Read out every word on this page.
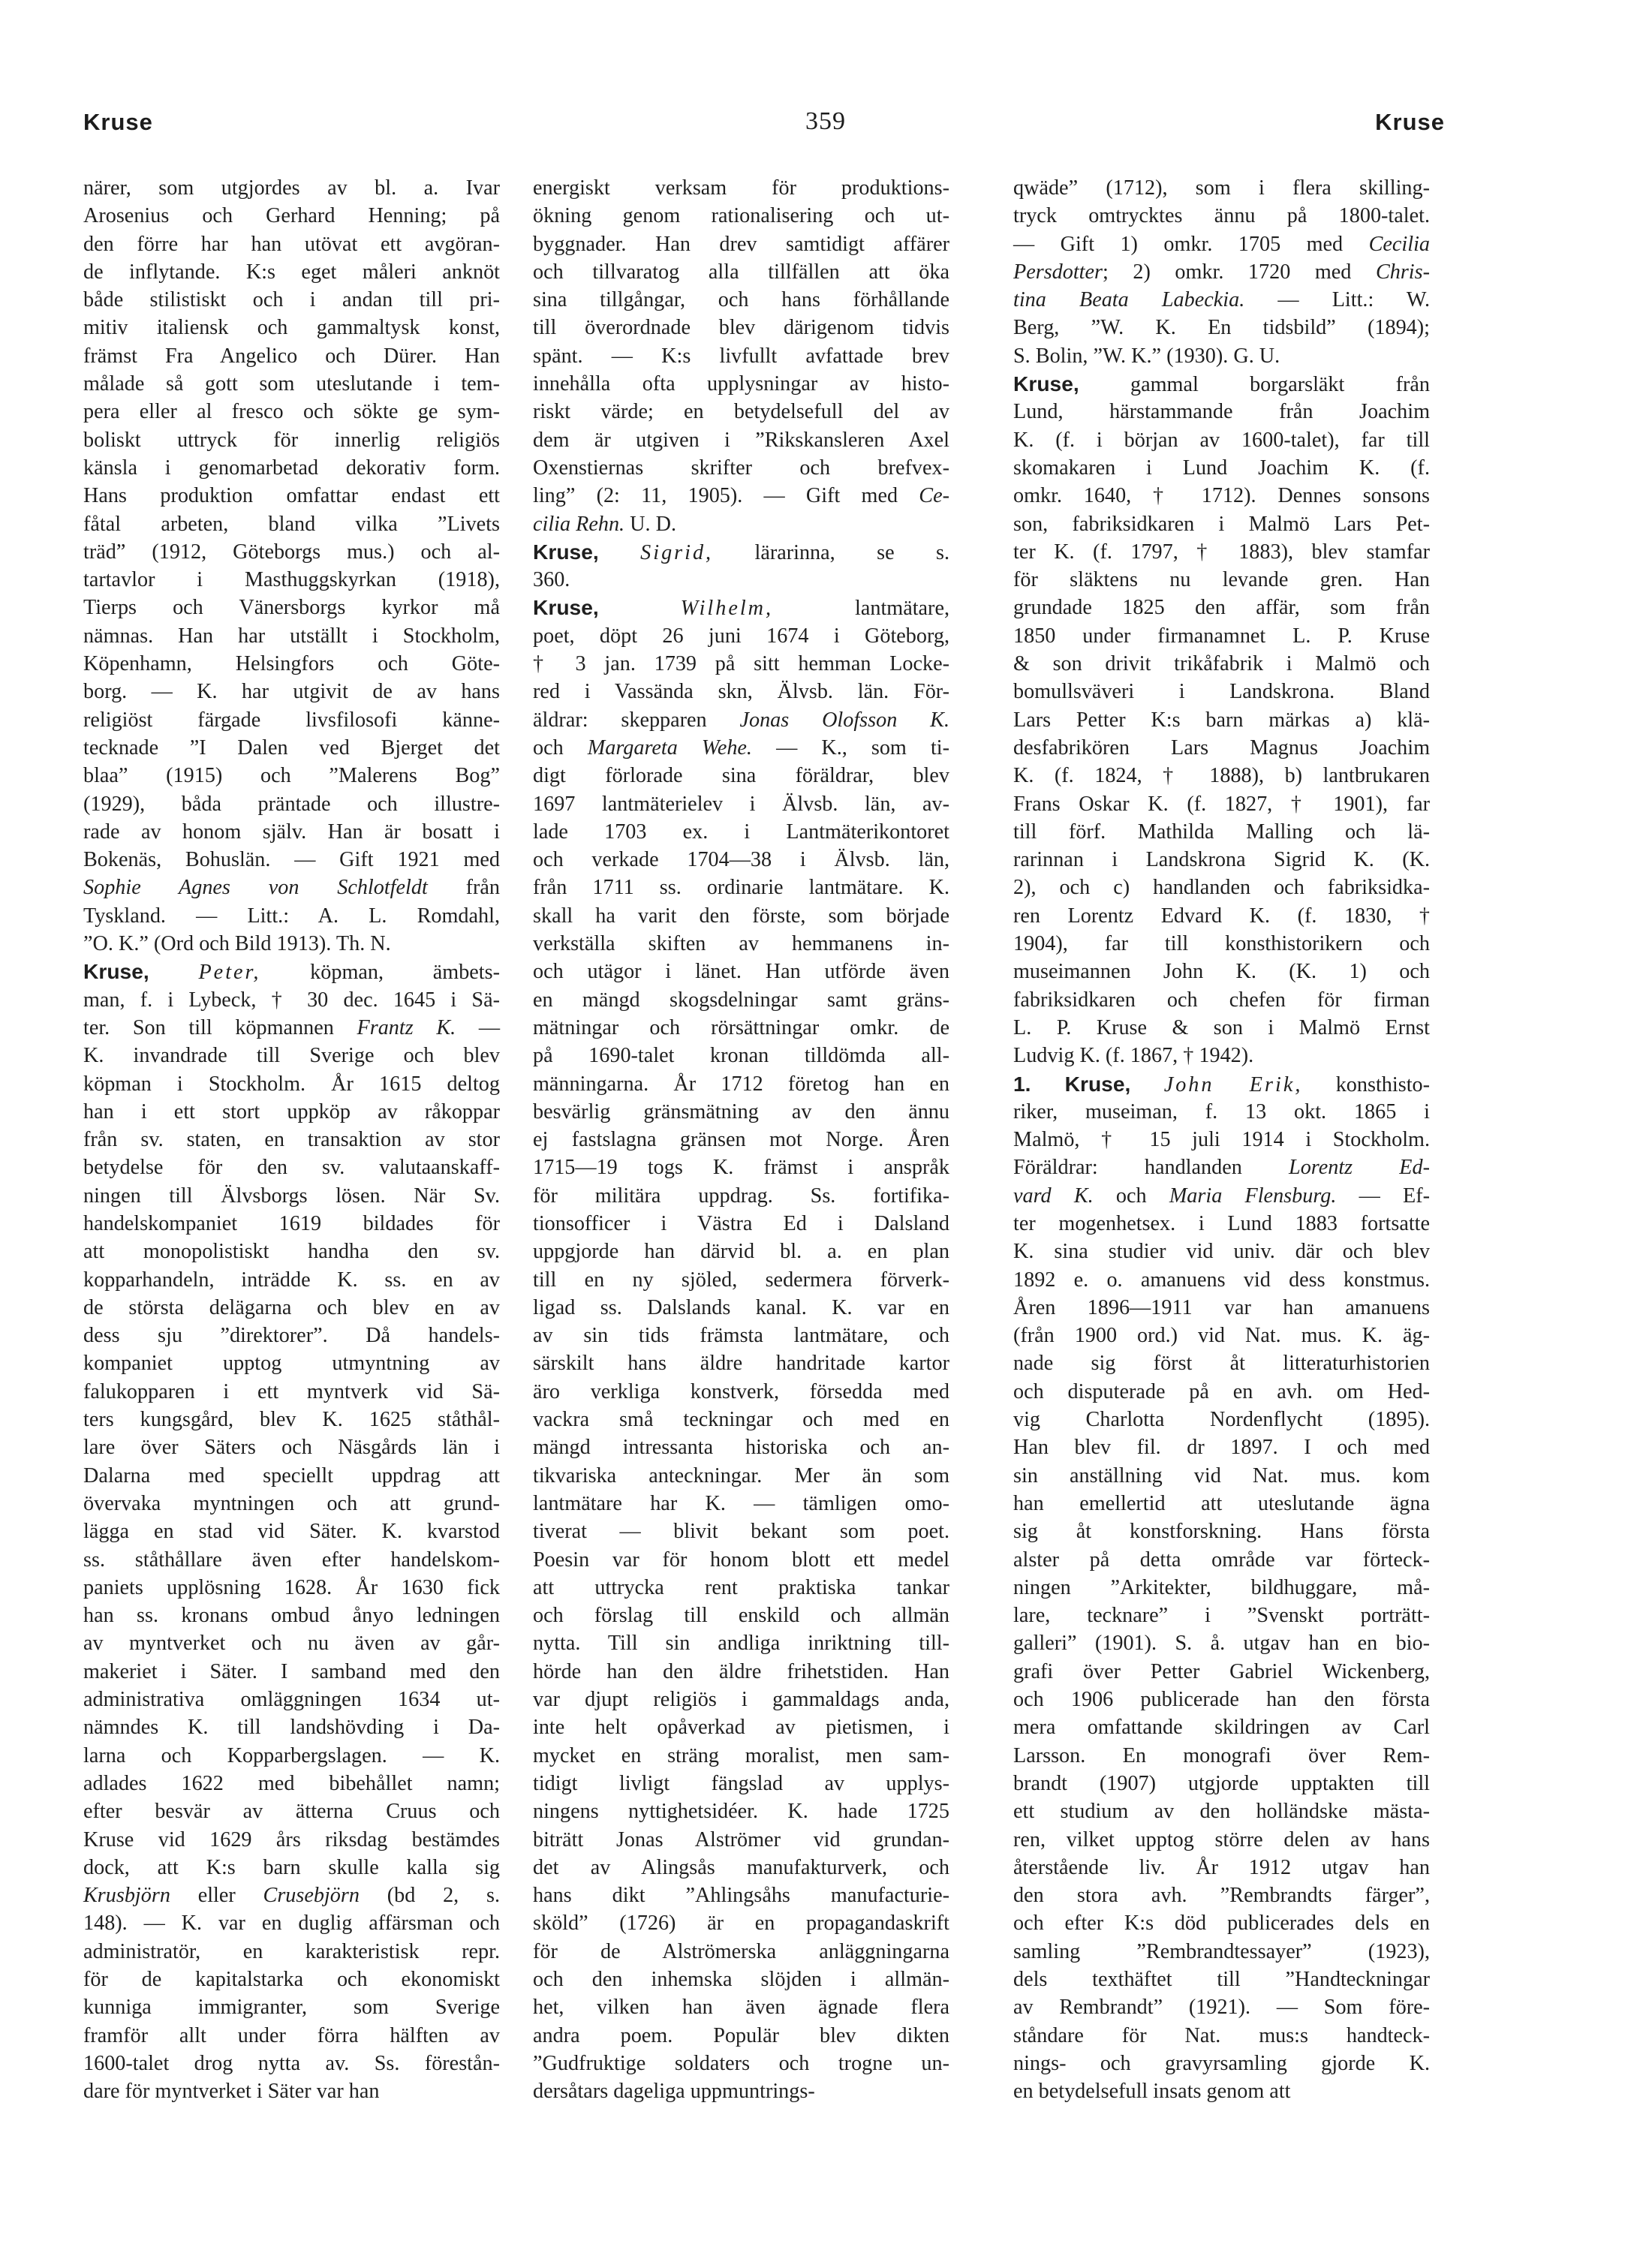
Kruse	359	Kruse
närer, som utgjordes av bl. a. Ivar
Arosenius och Gerhard Henning; på
den förre har han utövat ett avgöran-
de inflytande. K:s eget måleri anknöt
både stilistiskt och i andan till pri-
mitiv italiensk och gammaltysk konst,
främst Fra Angelico och Dürer. Han
målade så gott som uteslutande i tem-
pera eller al fresco och sökte ge sym-
boliskt uttryck för innerlig religiös
känsla i genomarbetad dekorativ form.
Hans produktion omfattar endast ett
fåtal arbeten, bland vilka ”Livets
träd” (1912, Göteborgs mus.) och al-
tartavlor i Masthuggskyrkan (1918),
Tierps och Vänersborgs kyrkor må
nämnas. Han har utställt i Stockholm,
Köpenhamn, Helsingfors och Göte-
borg. — K. har utgivit de av hans
religiöst färgade livsfilosofi känne-
tecknade ”I Dalen ved Bjerget det
blaa” (1915) och ”Malerens Bog”
(1929), båda präntade och illustre-
rade av honom själv. Han är bosatt i
Bokenäs, Bohuslän. — Gift 1921 med
Sophie Agnes von Schlotfeldt från
Tyskland. — Litt.: A. L. Romdahl,
”O. K.” (Ord och Bild 1913). Th. N.
Kruse, Peter, köpman, ämbets-
man, f. i Lybeck, † 30 dec. 1645 i Sä-
ter. Son till köpmannen Frantz K. —
K. invandrade till Sverige och blev
köpman i Stockholm. År 1615 deltog
han i ett stort uppköp av råkoppar
från sv. staten, en transaktion av stor
betydelse för den sv. valutaanskaff-
ningen till Älvsborgs lösen. När Sv.
handelskompaniet 1619 bildades för
att monopolistiskt handha den sv.
kopparhandeln, inträdde K. ss. en av
de största delägarna och blev en av
dess sju ”direktorer”. Då handels-
kompaniet upptog utmyntning av
falukopparen i ett myntverk vid Sä-
ters kungsgård, blev K. 1625 ståthål-
lare över Säters och Näsgårds län i
Dalarna med speciellt uppdrag att
övervaka myntningen och att grund-
lägga en stad vid Säter. K. kvarstod
ss. ståthållare även efter handelskom-
paniets upplösning 1628. År 1630 fick
han ss. kronans ombud ånyo ledningen
av myntverket och nu även av går-
makeriet i Säter. I samband med den
administrativa omläggningen 1634 ut-
nämndes K. till landshövding i Da-
larna och Kopparbergslagen. — K.
adlades 1622 med bibehållet namn;
efter besvär av ätterna Cruus och
Kruse vid 1629 års riksdag bestämdes
dock, att K:s barn skulle kalla sig
Krusbjörn eller Crusebjörn (bd 2, s.
148). — K. var en duglig affärsman och
administratör, en karakteristisk repr.
för de kapitalstarka och ekonomiskt
kunniga immigranter, som Sverige
framför allt under förra hälften av
1600-talet drog nytta av. Ss. förestån-
dare för myntverket i Säter var han
energiskt verksam för produktions-
ökning genom rationalisering och ut-
byggnader. Han drev samtidigt affärer
och tillvaratog alla tillfällen att öka
sina tillgångar, och hans förhållande
till överordnade blev därigenom tidvis
spänt. — K:s livfullt avfattade brev
innehålla ofta upplysningar av histo-
riskt värde; en betydelsefull del av
dem är utgiven i ”Rikskansleren Axel
Oxenstiernas skrifter och brefvex-
ling” (2: 11, 1905). — Gift med Ce-
cilia Rehn. U. D.
Kruse, Sigrid, lärarinna, se s.
360.
Kruse,	Wilhelm, lantmätare,
poet, döpt 26 juni 1674 i Göteborg,
† 3 jan. 1739 på sitt hemman Locke-
red i Vassända skn, Älvsb. län. För-
äldrar: skepparen Jonas Olofsson K.
och Margareta Wehe. — K., som ti-
digt förlorade sina föräldrar, blev
1697 lantmäterielev i Älvsb. län, av-
lade 1703 ex. i Lantmäterikontoret
och verkade 1704—38 i Älvsb. län,
från 1711 ss. ordinarie lantmätare. K.
skall ha varit den förste, som började
verkställa skiften av hemmanens in-
och utägor i länet. Han utförde även
en mängd skogsdelningar samt gräns-
mätningar och rörsättningar omkr. de
på 1690-talet kronan tilldömda all-
männingarna. År 1712 företog han en
besvärlig gränsmätning av den ännu
ej fastslagna gränsen mot Norge. Åren
1715—19 togs K. främst i anspråk
för militära uppdrag. Ss. fortifika-
tionsofficer i Västra Ed i Dalsland
uppgjorde han därvid bl. a. en plan
till en ny sjöled, sedermera förverk-
ligad ss. Dalslands kanal. K. var en
av sin tids främsta lantmätare, och
särskilt hans äldre handritade kartor
äro verkliga konstverk, försedda med
vackra små teckningar och med en
mängd intressanta historiska och an-
tikvariska anteckningar. Mer än som
lantmätare har K. — tämligen omo-
tiverat — blivit bekant som poet.
Poesin var för honom blott ett medel
att uttrycka rent praktiska tankar
och förslag till enskild och allmän
nytta. Till sin andliga inriktning till-
hörde han den äldre frihetstiden. Han
var djupt religiös i gammaldags anda,
inte helt opåverkad av pietismen, i
mycket en sträng moralist, men sam-
tidigt livligt fängslad av upplys-
ningens nyttighetsidéer. K. hade 1725
biträtt Jonas Alströmer vid grundan-
det av Alingsås manufakturverk, och
hans dikt ”Ahlingsåhs manufacturie-
sköld” (1726) är en propagandaskrift
för de Alströmerska anläggningarna
och den inhemska slöjden i allmän-
het, vilken han även ägnade flera
andra poem. Populär blev dikten
”Gudfruktige soldaters och trogne un-
dersåtars dageliga uppmuntrings-
qwäde” (1712), som i flera skilling-
tryck omtrycktes ännu på 1800-talet.
— Gift 1) omkr. 1705 med Cecilia
Persdotter; 2) omkr. 1720 med Chris-
tina Beata Labeckia. — Litt.: W.
Berg, ”W. K. En tidsbild” (1894);
S. Bolin, ”W. K.” (1930). G. U.
Kruse, gammal borgarsläkt från
Lund, härstammande från Joachim
K. (f. i början av 1600-talet), far till
skomakaren i Lund Joachim K. (f.
omkr. 1640, † 1712). Dennes sonsons
son, fabriksidkaren i Malmö Lars Pet-
ter K. (f. 1797, † 1883), blev stamfar
för släktens nu levande gren. Han
grundade 1825 den affär, som från
1850 under firmanamnet L. P. Kruse
& son drivit trikåfabrik i Malmö och
bomullsväveri i Landskrona. Bland
Lars Petter K:s barn märkas a) klä-
desfabrikören Lars Magnus Joachim
K. (f. 1824, † 1888), b) lantbrukaren
Frans Oskar K. (f. 1827, † 1901), far
till förf. Mathilda Malling och lä-
rarinnan i Landskrona Sigrid K. (K.
2), och c) handlanden och fabriksidka-
ren Lorentz Edvard K. (f. 1830, †
1904), far till konsthistorikern och
museimannen John K. (K. 1) och
fabriksidkaren och chefen för firman
L. P. Kruse & son i Malmö Ernst
Ludvig K. (f. 1867, † 1942).
1. Kruse, John Erik, konsthisto-
riker, museiman, f. 13 okt. 1865 i
Malmö, † 15 juli 1914 i Stockholm.
Föräldrar: handlanden Lorentz Ed-
vard K. och Maria Flensburg. — Ef-
ter mogenhetsex. i Lund 1883 fortsatte
K. sina studier vid univ. där och blev
1892 e. o. amanuens vid dess konstmus.
Åren 1896—1911 var han amanuens
(från 1900 ord.) vid Nat. mus. K. äg-
nade sig först åt litteraturhistorien
och disputerade på en avh. om Hed-
vig Charlotta Nordenflycht (1895).
Han blev fil. dr 1897. I och med
sin anställning vid Nat. mus. kom
han emellertid att uteslutande ägna
sig åt konstforskning. Hans första
alster på detta område var förteck-
ningen ”Arkitekter, bildhuggare, må-
lare, tecknare” i ”Svenskt porträtt-
galleri” (1901). S. å. utgav han en bio-
grafi över Petter Gabriel Wickenberg,
och 1906 publicerade han den första
mera omfattande skildringen av Carl
Larsson. En monografi över Rem-
brandt (1907) utgjorde upptakten till
ett studium av den holländske mästa-
ren, vilket upptog större delen av hans
återstående liv. År 1912 utgav han
den stora avh. ”Rembrandts färger”,
och efter K:s död publicerades dels en
samling ”Rembrandtessayer” (1923),
dels texthäftet till ”Handteckningar
av Rembrandt” (1921). — Som före-
ståndare för Nat. mus:s handteck-
nings- och gravyrsamling gjorde K.
en betydelsefull insats genom att
